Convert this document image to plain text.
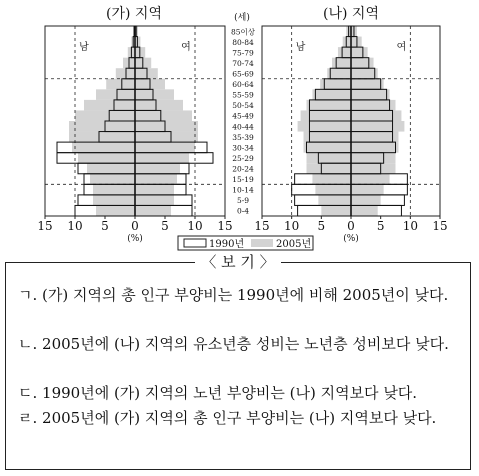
(가) 지역
남	여
15 10 5 0 5 10 15
(%)
(나) 지역
남	여
15 10 5 0 5 10 15
(%)
(세)
0-4
5-9
10-14
15-19
20-24
25-29
30-34
35-39
40-44
45-49
50-54
55-59
60-64
65-69
70-74
75-79
80-84
85이상
1990년	2005년
〈 보 기 〉
ㄱ. (가) 지역의 총 인구 부양비는 1990년에 비해 2005년이 낮다.
ㄴ. 2005년에 (나) 지역의 유소년층 성비는 노년층 성비보다 낮다.
ㄷ. 1990년에 (가) 지역의 노년 부양비는 (나) 지역보다 낮다.
ㄹ. 2005년에 (가) 지역의 총 인구 부양비는 (나) 지역보다 낮다.
